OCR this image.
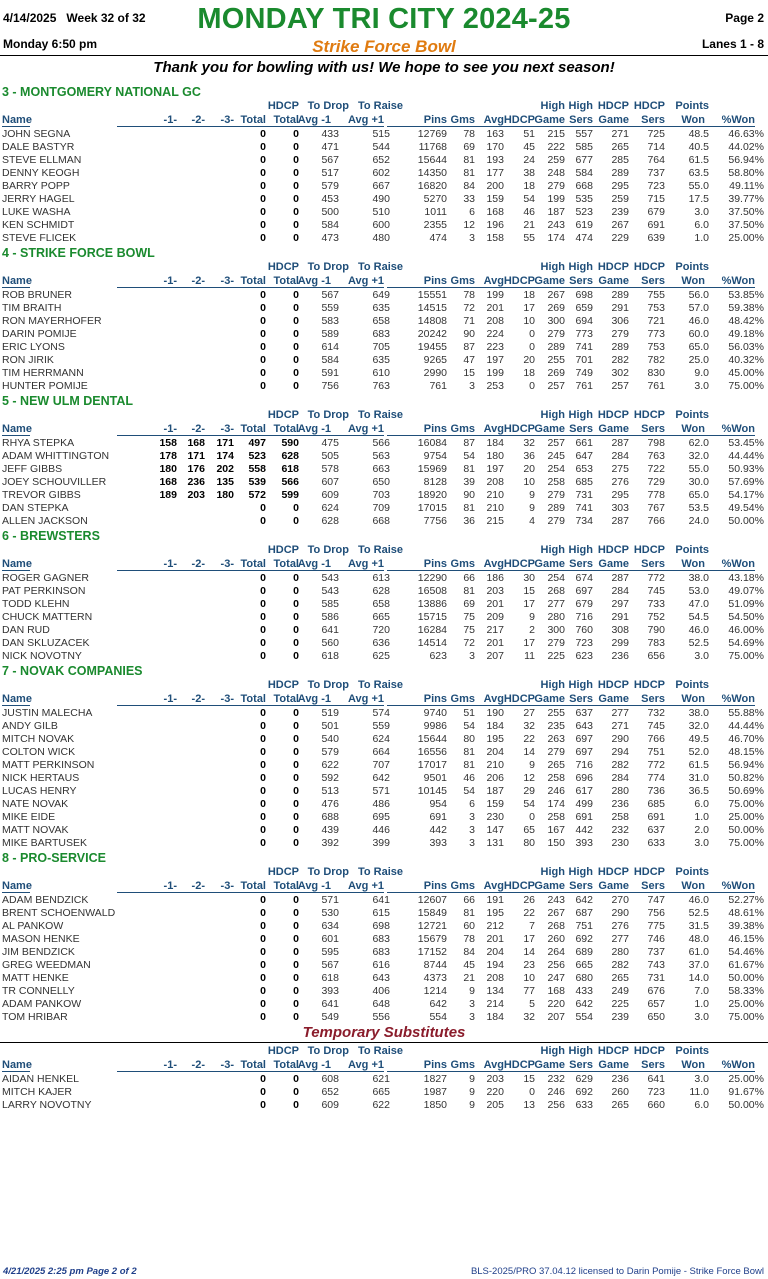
4/14/2025 Week 32 of 32	MONDAY TRI CITY 2024-25	Page 2
Monday 6:50 pm	Strike Force Bowl	Lanes 1 - 8
Thank you for bowling with us! We hope to see you next season!
3 - MONTGOMERY NATIONAL GC
HDCP To Drop To Raise	High High HDCP HDCP Points
Name	-1-	-2-	-3- Total Total
Avg -1	Avg +1	Pins Gms Avg HDCP Game Sers Game	Sers	Won	%Won
JOHN SEGNA	0	0	433	515	12769	78	163	51	215 557	271	725	48.5	46.63%
DALE BASTYR	0	0	471	544	11768	69	170	45	222 585	265	714	40.5	44.02%
STEVE ELLMAN	0	0	567	652	15644	81	193	24	259 677	285	764	61.5	56.94%
DENNY KEOGH	0	0	517	602	14350	81	177	38	248 584	289	737	63.5	58.80%
BARRY POPP	0	0	579	667	16820	84	200	18	279 668	295	723	55.0	49.11%
JERRY HAGEL	0	0	453	490	5270	33	159	54	199 535	259	715	17.5	39.77%
LUKE WASHA	0	0	500	510	1011	6	168	46	187 523	239	679	3.0	37.50%
KEN SCHMIDT	0	0	584	600	2355	12	196	21	243 619	267	691	6.0	37.50%
STEVE FLICEK	0	0	473	480	474	3	158	55	174 474	229	639	1.0	25.00%
4 - STRIKE FORCE BOWL
HDCP To Drop To Raise	High High HDCP HDCP Points
Name	-1-	-2-	-3- Total Total
Avg -1	Avg +1	Pins Gms Avg HDCP Game Sers Game	Sers	Won	%Won
ROB BRUNER	0	0	567	649	15551	78	199	18	267 698	289	755	56.0	53.85%
TIM BRAITH	0	0	559	635	14515	72	201	17	269 659	291	753	57.0	59.38%
RON MAYERHOFER	0	0	583	658	14808	71	208	10	300 694	306	721	46.0	48.42%
DARIN POMIJE	0	0	589	683	20242	90	224	0	279 773	279	773	60.0	49.18%
ERIC LYONS	0	0	614	705	19455	87	223	0	289 741	289	753	65.0	56.03%
RON JIRIK	0	0	584	635	9265	47	197	20	255 701	282	782	25.0	40.32%
TIM HERRMANN	0	0	591	610	2990	15	199	18	269 749	302	830	9.0	45.00%
HUNTER POMIJE	0	0	756	763	761	3	253	0	257 761	257	761	3.0	75.00%
5 - NEW ULM DENTAL
HDCP To Drop To Raise	High High HDCP HDCP Points
Name	-1-	-2-	-3- Total Total
Avg -1	Avg +1	Pins Gms Avg HDCP Game Sers Game	Sers	Won	%Won
RHYA STEPKA	158 168	171	497	590	475	566	16084	87	184	32	257 661	287	798	62.0	53.45%
ADAM WHITTINGTON	178 171	174	523	628	505	563	9754	54	180	36	245 647	284	763	32.0	44.44%
JEFF GIBBS	180 176	202	558	618	578	663	15969	81	197	20	254 653	275	722	55.0	50.93%
JOEY SCHOUVILLER	168 236	135	539	566	607	650	8128	39	208	10	258 685	276	729	30.0	57.69%
TREVOR GIBBS	189 203	180	572	599	609	703	18920	90	210	9	279 731	295	778	65.0	54.17%
DAN STEPKA	0	0	624	709	17015	81	210	9	289 741	303	767	53.5	49.54%
ALLEN JACKSON	0	0	628	668	7756	36	215	4	279 734	287	766	24.0	50.00%
6 - BREWSTERS
HDCP To Drop To Raise	High High HDCP HDCP Points
Name	-1-	-2-	-3- Total Total
Avg -1	Avg +1	Pins Gms Avg HDCP Game Sers Game	Sers	Won	%Won
ROGER GAGNER	0	0	543	613	12290	66	186	30	254 674	287	772	38.0	43.18%
PAT PERKINSON	0	0	543	628	16508	81	203	15	268 697	284	745	53.0	49.07%
TODD KLEHN	0	0	585	658	13886	69	201	17	277 679	297	733	47.0	51.09%
CHUCK MATTERN	0	0	586	665	15715	75	209	9	280 716	291	752	54.5	54.50%
DAN RUD	0	0	641	720	16284	75	217	2	300 760	308	790	46.0	46.00%
DAN SKLUZACEK	0	0	560	636	14514	72	201	17	279 723	299	783	52.5	54.69%
NICK NOVOTNY	0	0	618	625	623	3	207	11	225 623	236	656	3.0	75.00%
7 - NOVAK COMPANIES
HDCP To Drop To Raise	High High HDCP HDCP Points
Name	-1-	-2-	-3- Total Total
Avg -1	Avg +1	Pins Gms Avg HDCP Game Sers Game	Sers	Won	%Won
JUSTIN MALECHA	0	0	519	574	9740	51	190	27	255 637	277	732	38.0	55.88%
ANDY GILB	0	0	501	559	9986	54	184	32	235 643	271	745	32.0	44.44%
MITCH NOVAK	0	0	540	624	15644	80	195	22	263 697	290	766	49.5	46.70%
COLTON WICK	0	0	579	664	16556	81	204	14	279 697	294	751	52.0	48.15%
MATT PERKINSON	0	0	622	707	17017	81	210	9	265 716	282	772	61.5	56.94%
NICK HERTAUS	0	0	592	642	9501	46	206	12	258 696	284	774	31.0	50.82%
LUCAS HENRY	0	0	513	571	10145	54	187	29	246 617	280	736	36.5	50.69%
NATE NOVAK	0	0	476	486	954	6	159	54	174 499	236	685	6.0	75.00%
MIKE EIDE	0	0	688	695	691	3	230	0	258 691	258	691	1.0	25.00%
MATT NOVAK	0	0	439	446	442	3	147	65	167 442	232	637	2.0	50.00%
MIKE BARTUSEK	0	0	392	399	393	3	131	80	150 393	230	633	3.0	75.00%
8 - PRO-SERVICE
HDCP To Drop To Raise	High High HDCP HDCP Points
Name	-1-	-2-	-3- Total Total
Avg -1	Avg +1	Pins Gms Avg HDCP Game Sers Game	Sers	Won	%Won
ADAM BENDZICK	0	0	571	641	12607	66	191	26	243 642	270	747	46.0	52.27%
BRENT SCHOENWALD	0	0	530	615	15849	81	195	22	267 687	290	756	52.5	48.61%
AL PANKOW	0	0	634	698	12721	60	212	7	268 751	276	775	31.5	39.38%
MASON HENKE	0	0	601	683	15679	78	201	17	260 692	277	746	48.0	46.15%
JIM BENDZICK	0	0	595	683	17152	84	204	14	264 689	280	737	61.0	54.46%
GREG WEEDMAN	0	0	567	616	8744	45	194	23	256 665	282	743	37.0	61.67%
MATT HENKE	0	0	618	643	4373	21	208	10	247 680	265	731	14.0	50.00%
TR CONNELLY	0	0	393	406	1214	9	134	77	168 433	249	676	7.0	58.33%
ADAM PANKOW	0	0	641	648	642	3	214	5	220 642	225	657	1.0	25.00%
TOM HRIBAR	0	0	549	556	554	3	184	32	207 554	239	650	3.0	75.00%
Temporary Substitutes
HDCP To Drop To Raise	High High HDCP HDCP Points
Name	-1-	-2-	-3- Total Total
Avg -1	Avg +1	Pins Gms Avg HDCP Game Sers Game	Sers	Won	%Won
AIDAN HENKEL	0	0	608	621	1827	9	203	15	232 629	236	641	3.0	25.00%
MITCH KAJER	0	0	652	665	1987	9	220	0	246 692	260	723	11.0	91.67%
LARRY NOVOTNY	0	0	609	622	1850	9	205	13	256 633	265	660	6.0	50.00%
4/21/2025 2:25 pm Page 2 of 2	BLS-2025/PRO 37.04.12 licensed to Darin Pomije - Strike Force Bowl
